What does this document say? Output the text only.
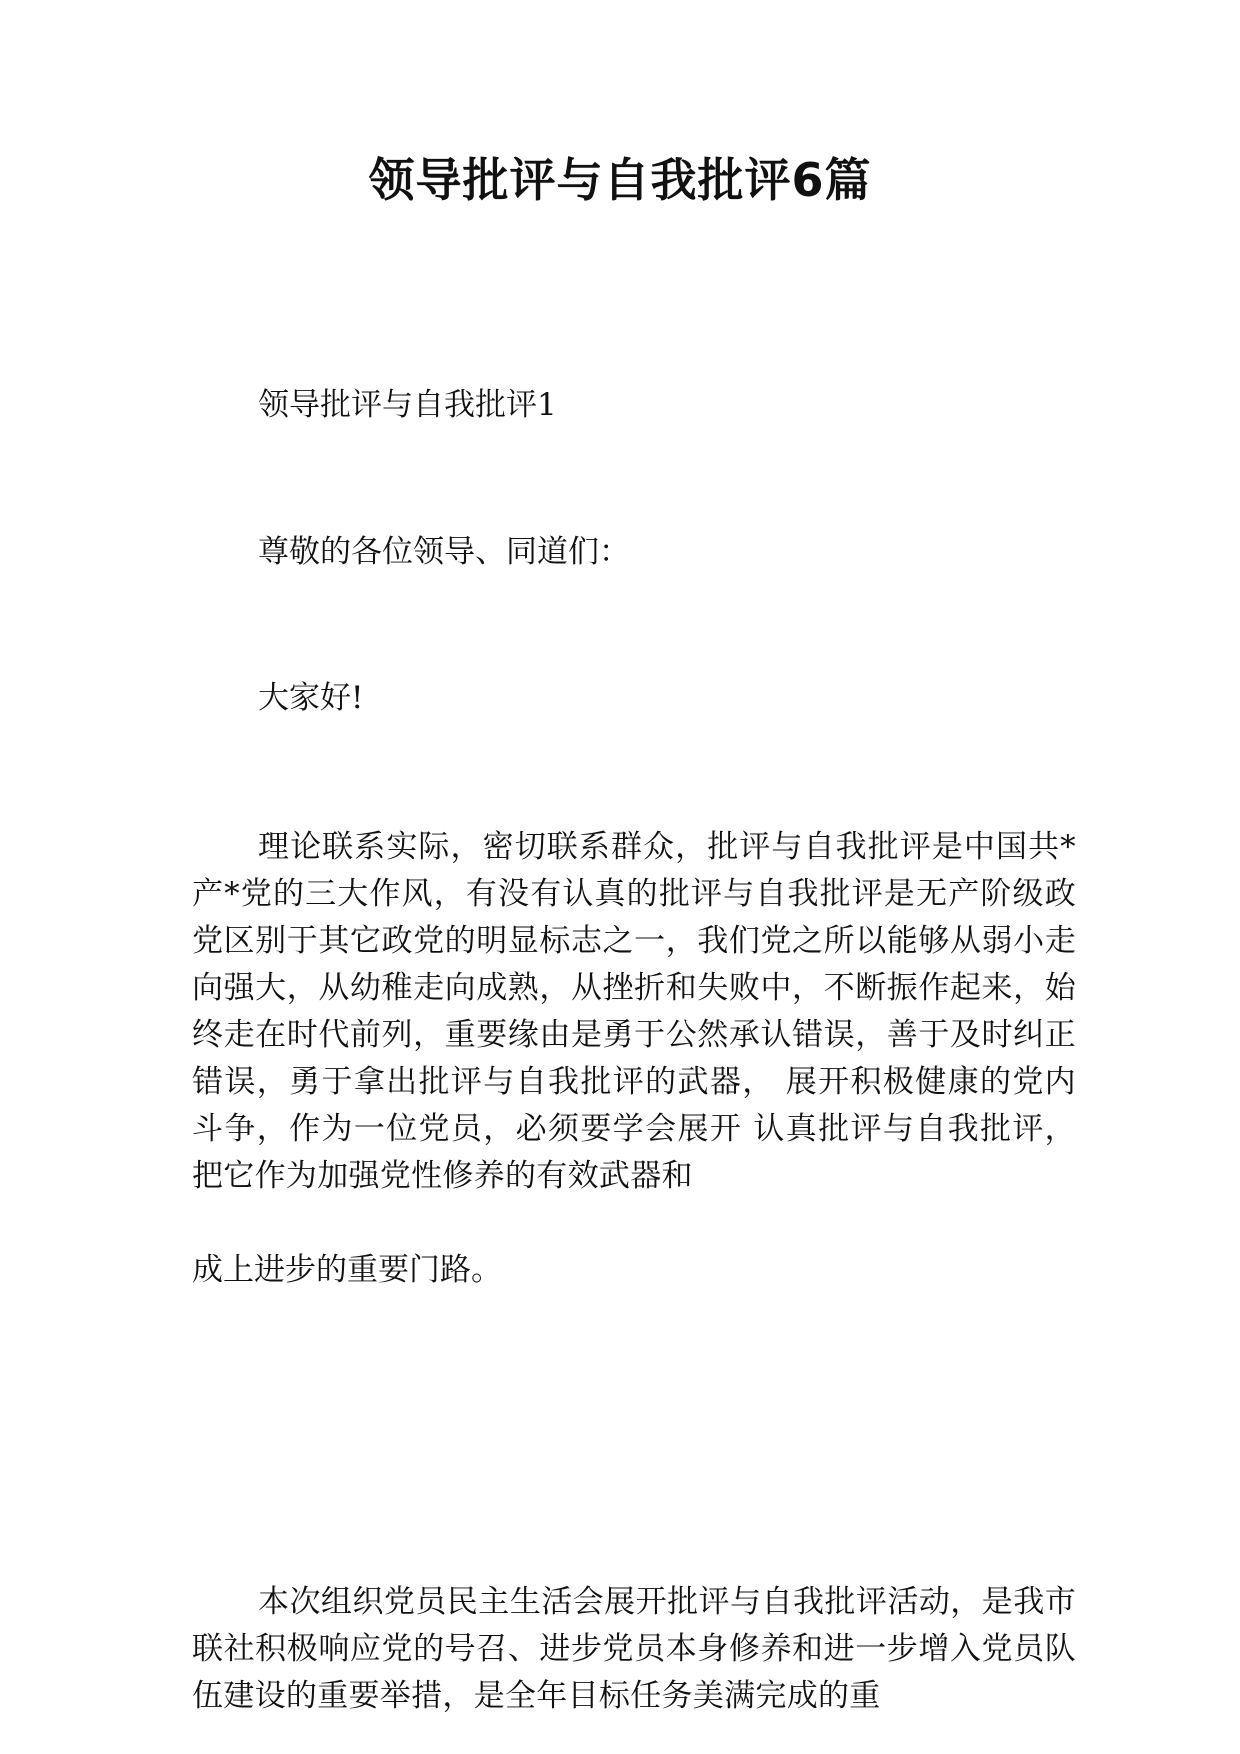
领导批评与自我批评6篇

领导批评与自我批评1

尊敬的各位领导、同道们：

大家好!

理论联系实际，密切联系群众，批评与自我批评是中国共*产*党的三大作风，有没有认真的批评与自我批评是无产阶级政党区别于其它政党的明显标志之一，我们党之所以能够从弱小走向强大，从幼稚走向成熟，从挫折和失败中，不断振作起来，始终走在时代前列，重要缘由是勇于公然承认错误，善于及时纠正错误，勇于拿出批评与自我批评的武器， 展开积极健康的党内斗争，作为一位党员，必须要学会展开 认真批评与自我批评，把它作为加强党性修养的有效武器和

成上进步的重要门路。

本次组织党员民主生活会展开批评与自我批评活动，是我市联社积极响应党的号召、进步党员本身修养和进一步增入党员队伍建设的重要举措，是全年目标任务美满完成的重
